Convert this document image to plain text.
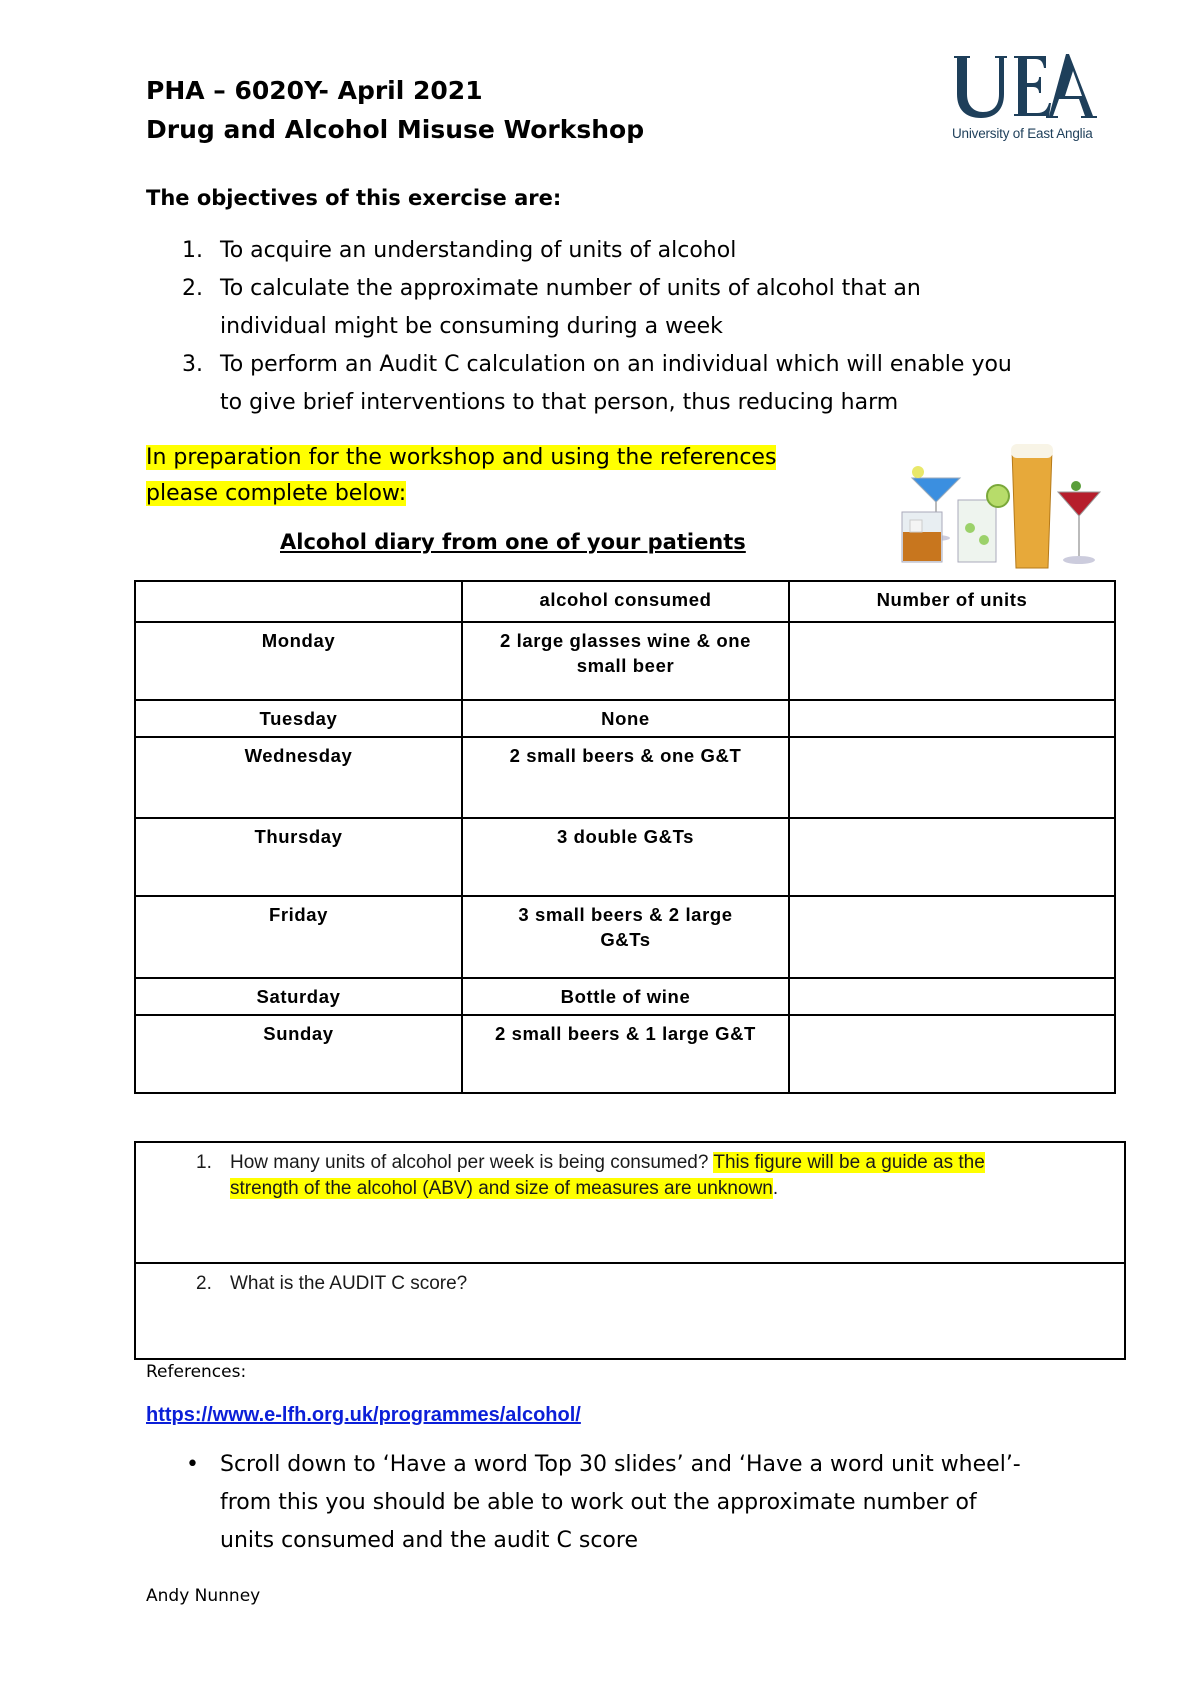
PHA – 6020Y- April 2021
Drug and Alcohol Misuse Workshop	University of East Anglia
The objectives of this exercise are:
1. To acquire an understanding of units of alcohol
2. To calculate the approximate number of units of alcohol that an
individual might be consuming during a week
3. To perform an Audit C calculation on an individual which will enable you
to give brief interventions to that person, thus reducing harm
In preparation for the workshop and using the references
please complete below:
Alcohol diary from one of your patients
	alcohol consumed	Number of units
Monday	2 large glasses wine & one
small beer	
Tuesday	None	
Wednesday	2 small beers & one G&T	
Thursday	3 double G&Ts	
Friday	3 small beers & 2 large
G&Ts	
Saturday	Bottle of wine	
Sunday	2 small beers & 1 large G&T	
1. How many units of alcohol per week is being consumed? This figure will be a guide as the
strength of the alcohol (ABV) and size of measures are unknown.

2. What is the AUDIT C score?
References:
https://www.e-lfh.org.uk/programmes/alcohol/
• Scroll down to ‘Have a word Top 30 slides’ and ‘Have a word unit wheel’-
from this you should be able to work out the approximate number of
units consumed and the audit C score
Andy Nunney
